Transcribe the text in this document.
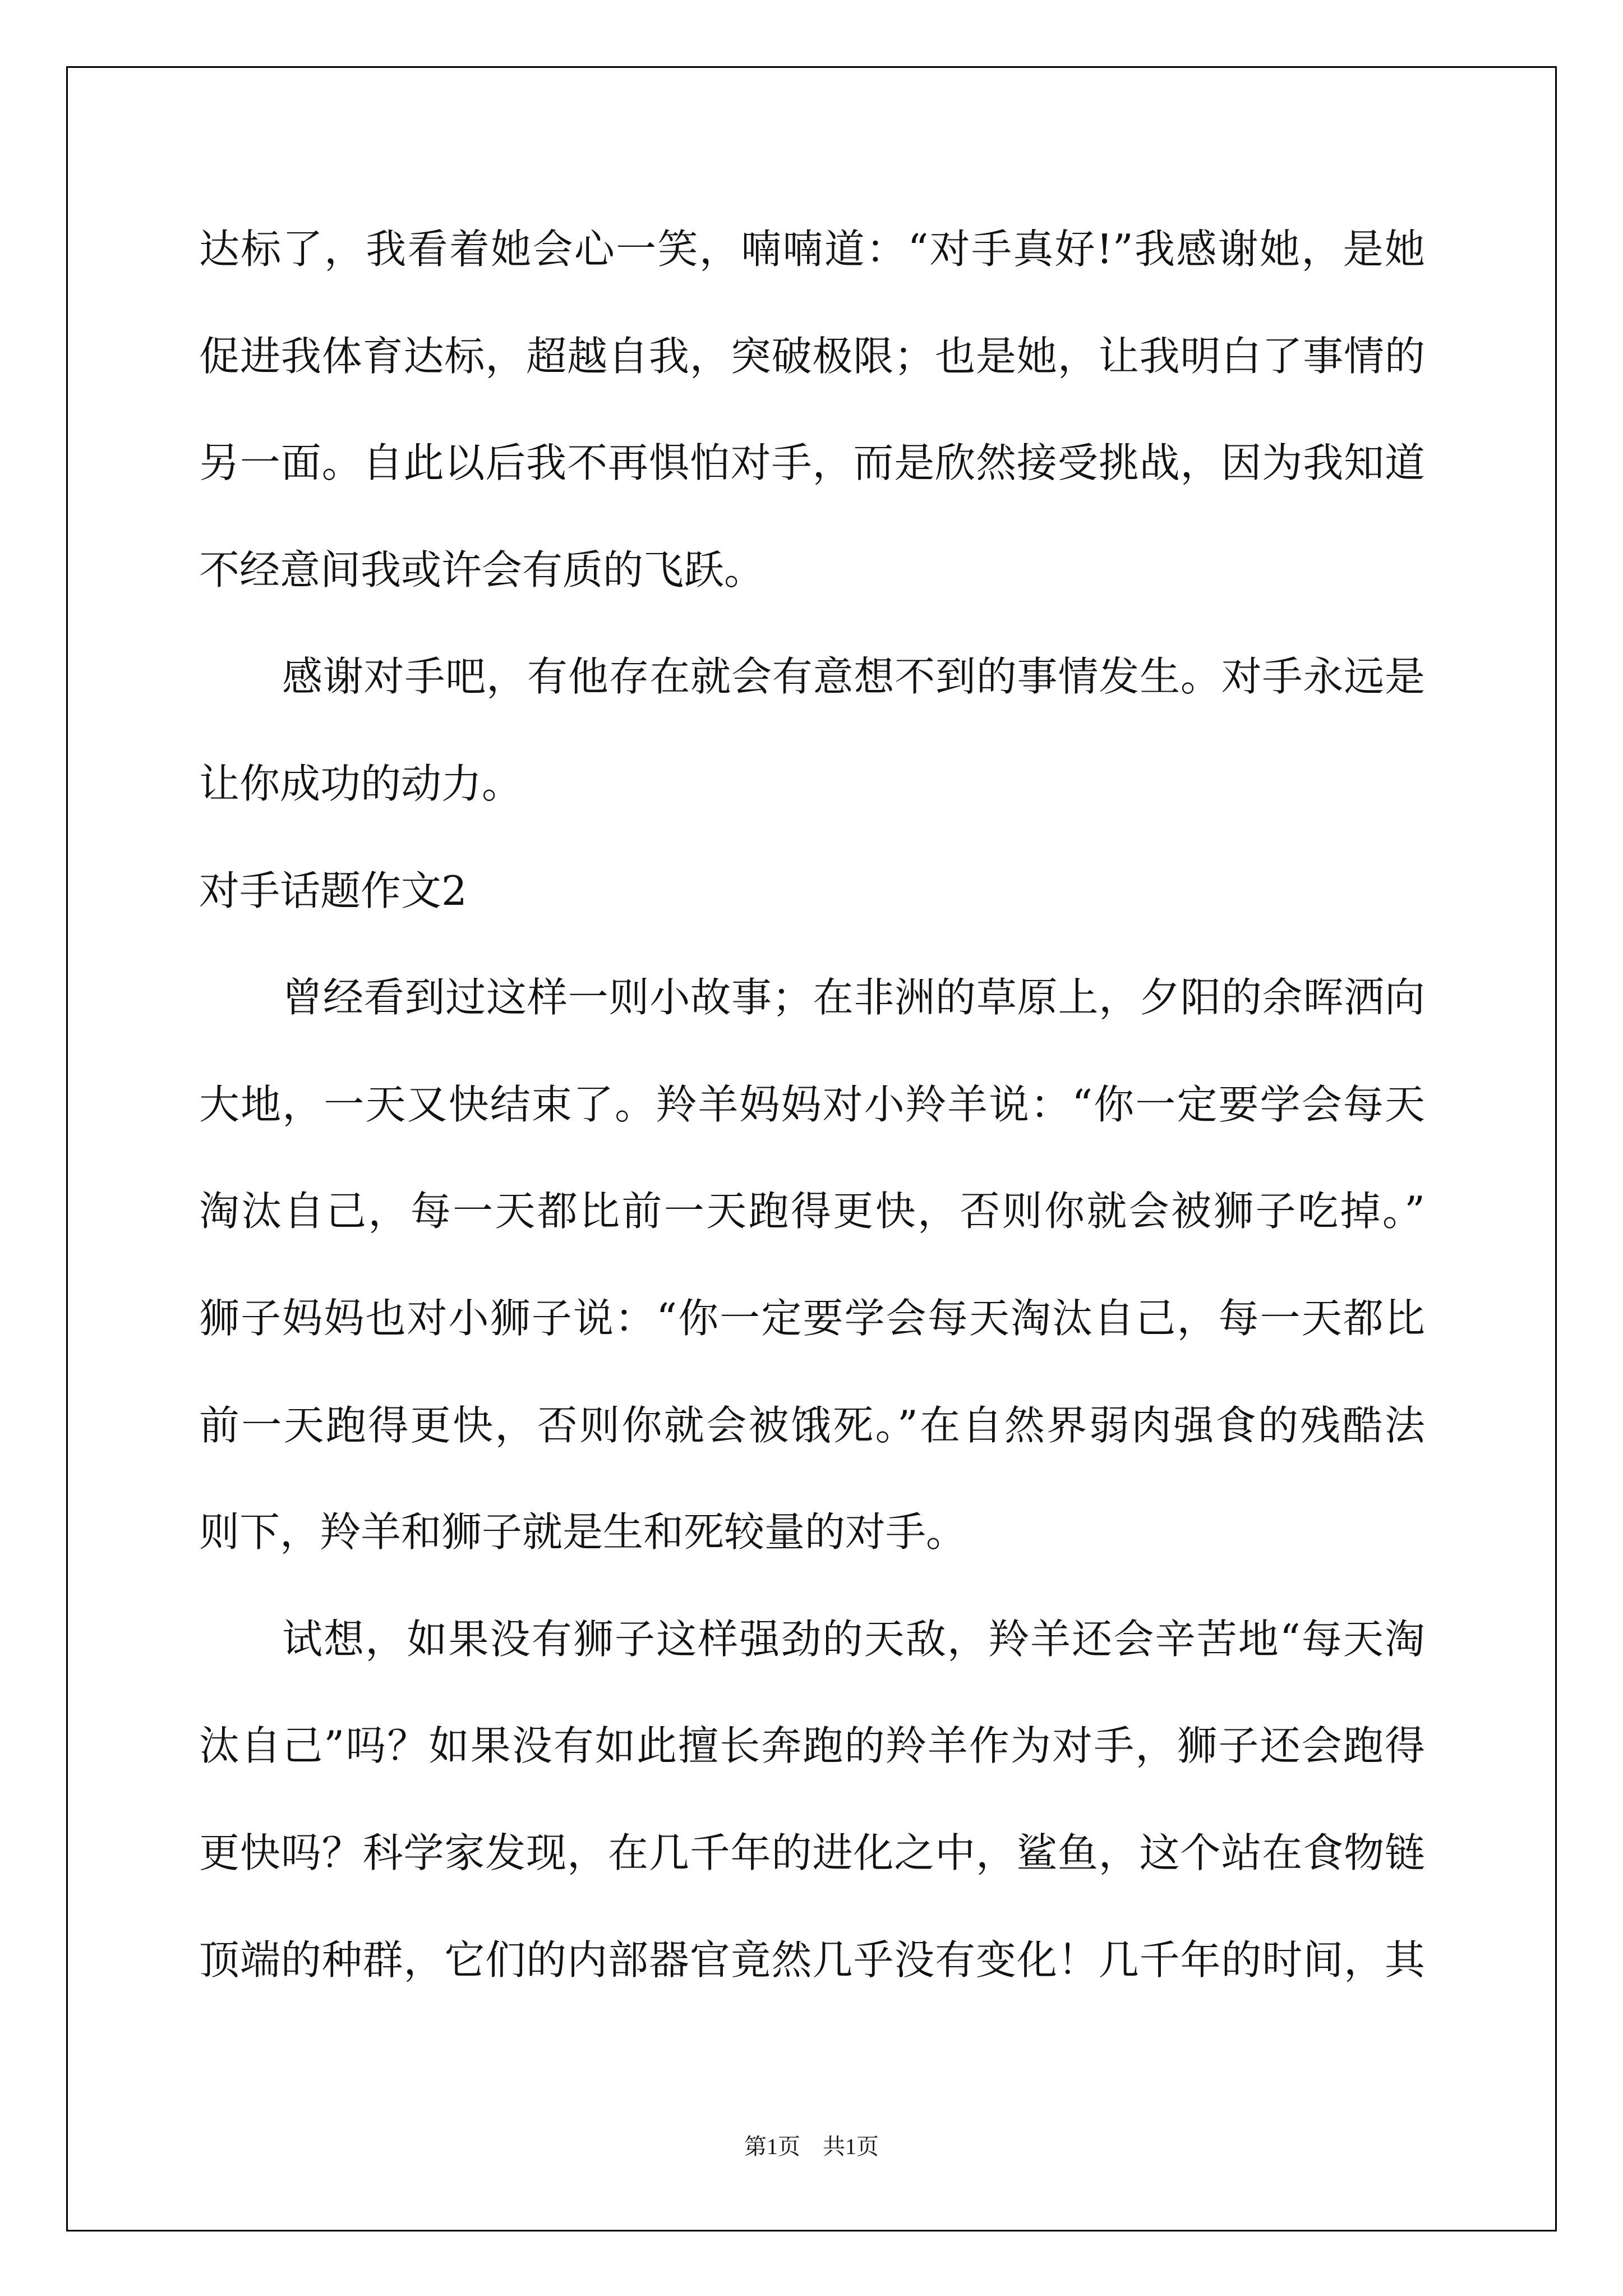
达标了，我看着她会心一笑，喃喃道：“对手真好!”我感谢她，是她
促进我体育达标，超越自我，突破极限；也是她，让我明白了事情的
另一面。自此以后我不再惧怕对手，而是欣然接受挑战，因为我知道
不经意间我或许会有质的飞跃。
感谢对手吧，有他存在就会有意想不到的事情发生。对手永远是
让你成功的动力。
对手话题作文2
曾经看到过这样一则小故事；在非洲的草原上，夕阳的余晖洒向
大地，一天又快结束了。羚羊妈妈对小羚羊说：“你一定要学会每天
淘汰自己，每一天都比前一天跑得更快，否则你就会被狮子吃掉。”
狮子妈妈也对小狮子说：“你一定要学会每天淘汰自己，每一天都比
前一天跑得更快，否则你就会被饿死。”在自然界弱肉强食的残酷法
则下，羚羊和狮子就是生和死较量的对手。
试想，如果没有狮子这样强劲的天敌，羚羊还会辛苦地“每天淘
汰自己”吗？如果没有如此擅长奔跑的羚羊作为对手，狮子还会跑得
更快吗？科学家发现，在几千年的进化之中，鲨鱼，这个站在食物链
顶端的种群，它们的内部器官竟然几乎没有变化！几千年的时间，其
第1页　共1页
